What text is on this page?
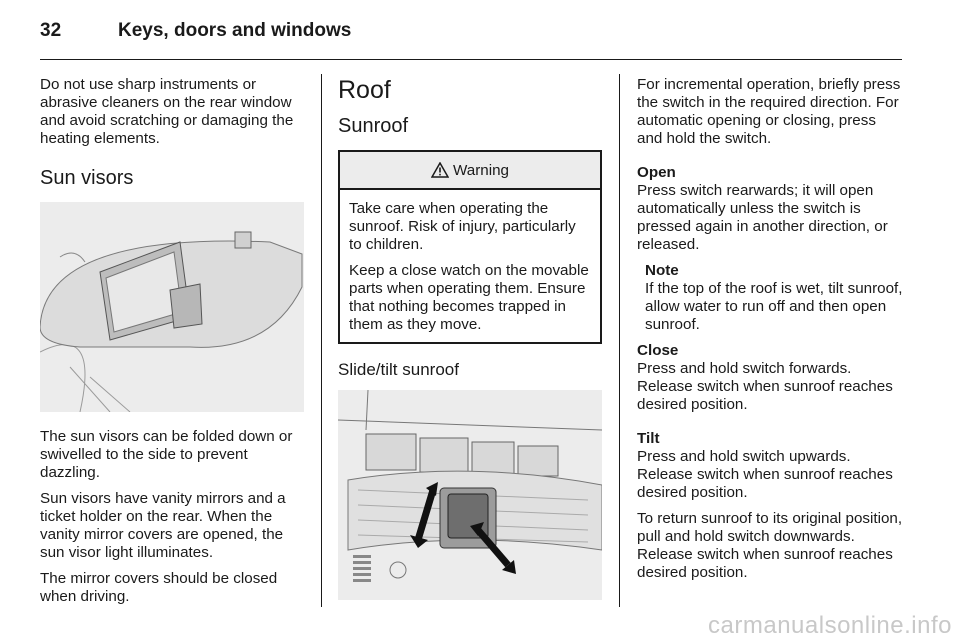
32	Keys, doors and windows

Do not use sharp instruments or abrasive cleaners on the rear window and avoid scratching or damaging the heating elements.

Sun visors

The sun visors can be folded down or swivelled to the side to prevent dazzling.

Sun visors have vanity mirrors and a ticket holder on the rear. When the vanity mirror covers are opened, the sun visor light illuminates.

The mirror covers should be closed when driving.

Roof
Sunroof
Warning

Take care when operating the sunroof. Risk of injury, particularly to children.

Keep a close watch on the movable parts when operating them. Ensure that nothing becomes trapped in them as they move.

Slide/tilt sunroof

For incremental operation, briefly press the switch in the required direction. For automatic opening or closing, press and hold the switch.

Open

Press switch rearwards; it will open automatically unless the switch is pressed again in another direction, or released.

Note

If the top of the roof is wet, tilt sunroof, allow water to run off and then open sunroof.

Close

Press and hold switch forwards. Release switch when sunroof reaches desired position.

Tilt

Press and hold switch upwards. Release switch when sunroof reaches desired position.

To return sunroof to its original position, pull and hold switch downwards. Release switch when sunroof reaches desired position.

carmanualsonline.info
